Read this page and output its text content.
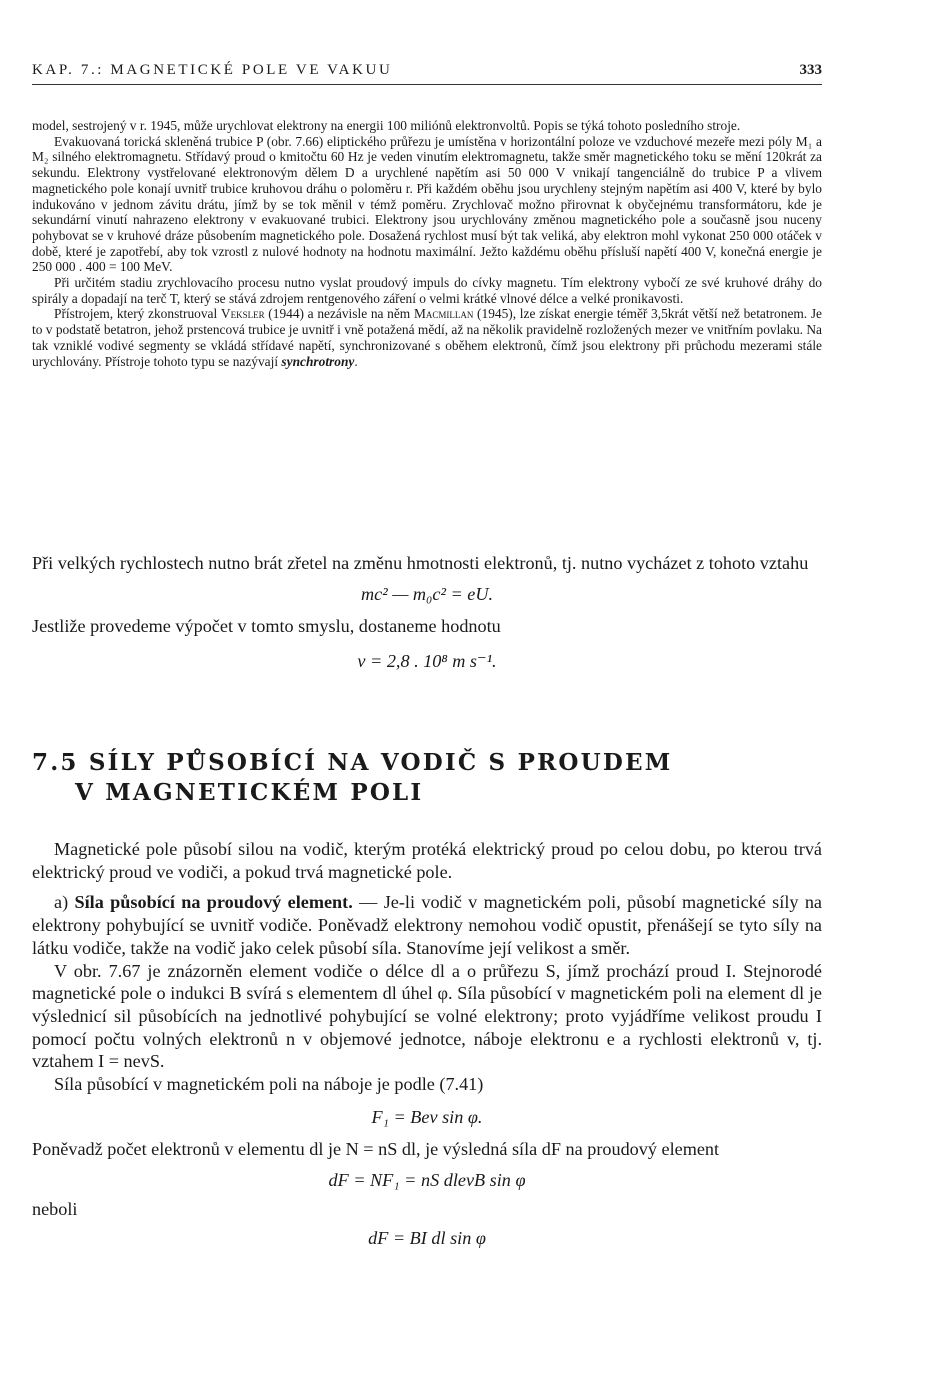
KAP. 7.: MAGNETICKÉ POLE VE VAKUU	333

model, sestrojený v r. 1945, může urychlovat elektrony na energii 100 miliónů elektronvoltů. Popis se týká tohoto posledního stroje.

Evakuovaná torická skleněná trubice P (obr. 7.66) eliptického průřezu je umístěna v horizontální poloze ve vzduchové mezeře mezi póly M₁ a M₂ silného elektromagnetu. Střídavý proud o kmitočtu 60 Hz je veden vinutím elektromagnetu, takže směr magnetického toku se mění 120krát za sekundu. Elektrony vystřelované elektronovým dělem D a urychlené napětím asi 50 000 V vnikají tangenciálně do trubice P a vlivem magnetického pole konají uvnitř trubice kruhovou dráhu o poloměru r. Při každém oběhu jsou urychleny stejným napětím asi 400 V, které by bylo indukováno v jednom závitu drátu, jímž by se tok měnil v témž poměru. Zrychlovač možno přirovnat k obyčejnému transformátoru, kde je sekundární vinutí nahrazeno elektrony v evakuované trubici. Elektrony jsou urychlovány změnou magnetického pole a současně jsou nuceny pohybovat se v kruhové dráze působením magnetického pole. Dosažená rychlost musí být tak veliká, aby elektron mohl vykonat 250 000 otáček v době, které je zapotřebí, aby tok vzrostl z nulové hodnoty na hodnotu maximální. Ježto každému oběhu přísluší napětí 400 V, konečná energie je 250 000 . 400 = 100 MeV.

Při určitém stadiu zrychlovacího procesu nutno vyslat proudový impuls do cívky magnetu. Tím elektrony vybočí ze své kruhové dráhy do spirály a dopadají na terč T, který se stává zdrojem rentgenového záření o velmi krátké vlnové délce a velké pronikavosti.

Přístrojem, který zkonstruoval Veksler (1944) a nezávisle na něm Macmillan (1945), lze získat energie téměř 3,5krát větší než betatronem. Je to v podstatě betatron, jehož prstencová trubice je uvnitř i vně potažená mědí, až na několik pravidelně rozložených mezer ve vnitřním povlaku. Na tak vzniklé vodivé segmenty se vkládá střídavé napětí, synchronizované s oběhem elektronů, čímž jsou elektrony při průchodu mezerami stále urychlovány. Přístroje tohoto typu se nazývají synchrotrony.

Při velkých rychlostech nutno brát zřetel na změnu hmotnosti elektronů, tj. nutno vycházet z tohoto vztahu

mc² — m₀c² = eU.

Jestliže provedeme výpočet v tomto smyslu, dostaneme hodnotu

v = 2,8 . 10⁸ m s⁻¹.

7.5 SÍLY PŮSOBÍCÍ NA VODIČ S PROUDEM
V MAGNETICKÉM POLI

Magnetické pole působí silou na vodič, kterým protéká elektrický proud po celou dobu, po kterou trvá elektrický proud ve vodiči, a pokud trvá magnetické pole.

a) Síla působící na proudový element. — Je-li vodič v magnetickém poli, působí magnetické síly na elektrony pohybující se uvnitř vodiče. Poněvadž elektrony nemohou vodič opustit, přenášejí se tyto síly na látku vodiče, takže na vodič jako celek působí síla. Stanovíme její velikost a směr.

V obr. 7.67 je znázorněn element vodiče o délce dl a o průřezu S, jímž prochází proud I. Stejnorodé magnetické pole o indukci B svírá s elementem dl úhel φ. Síla působící v magnetickém poli na element dl je výslednicí sil působících na jednotlivé pohybující se volné elektrony; proto vyjádříme velikost proudu I pomocí počtu volných elektronů n v objemové jednotce, náboje elektronu e a rychlosti elektronů v, tj. vztahem I = nevS.

Síla působící v magnetickém poli na náboje je podle (7.41)

F₁ = Bev sin φ.

Poněvadž počet elektronů v elementu dl je N = nS dl, je výsledná síla dF na proudový element

dF = NF₁ = nS dlevB sin φ

neboli

dF = BI dl sin φ
